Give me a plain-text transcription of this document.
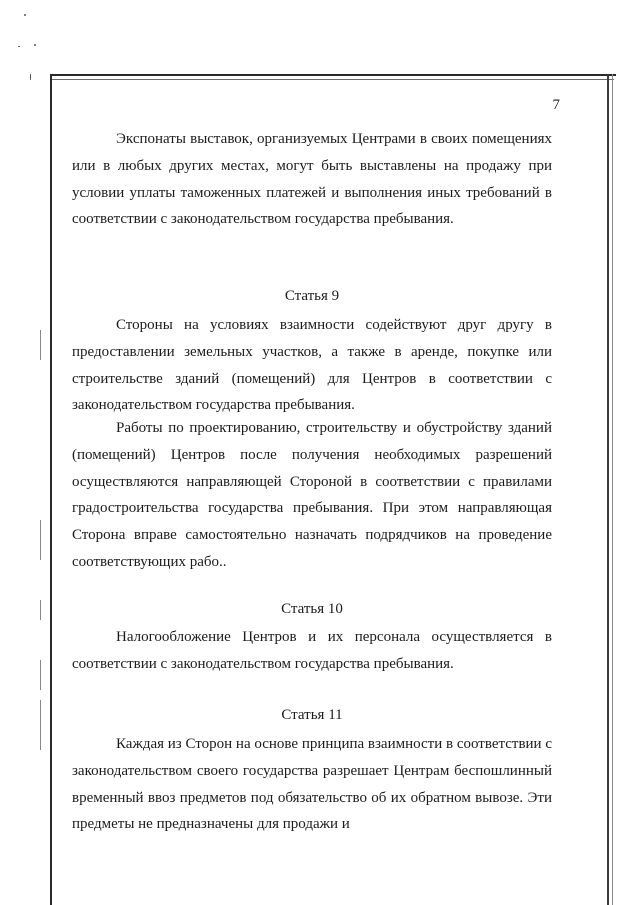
7

Экспонаты выставок, организуемых Центрами в своих помещениях или в любых других местах, могут быть выставлены на продажу при условии уплаты таможенных платежей и выполнения иных требований в соответствии с законодательством государства пребывания.

Статья 9

Стороны на условиях взаимности содействуют друг другу в предоставлении земельных участков, а также в аренде, покупке или строительстве зданий (помещений) для Центров в соответствии с законодательством государства пребывания.

Работы по проектированию, строительству и обустройству зданий (помещений) Центров после получения необходимых разрешений осуществляются направляющей Стороной в соответствии с правилами градостроительства государства пребывания. При этом направляющая Сторона вправе самостоятельно назначать подрядчиков на проведение соответствующих рабо..

Статья 10

Налогообложение Центров и их персонала осуществляется в соответствии с законодательством государства пребывания.

Статья 11

Каждая из Сторон на основе принципа взаимности в соответствии с законодательством своего государства разрешает Центрам беспошлинный временный ввоз предметов под обязательство об их обратном вывозе. Эти предметы не предназначены для продажи и
